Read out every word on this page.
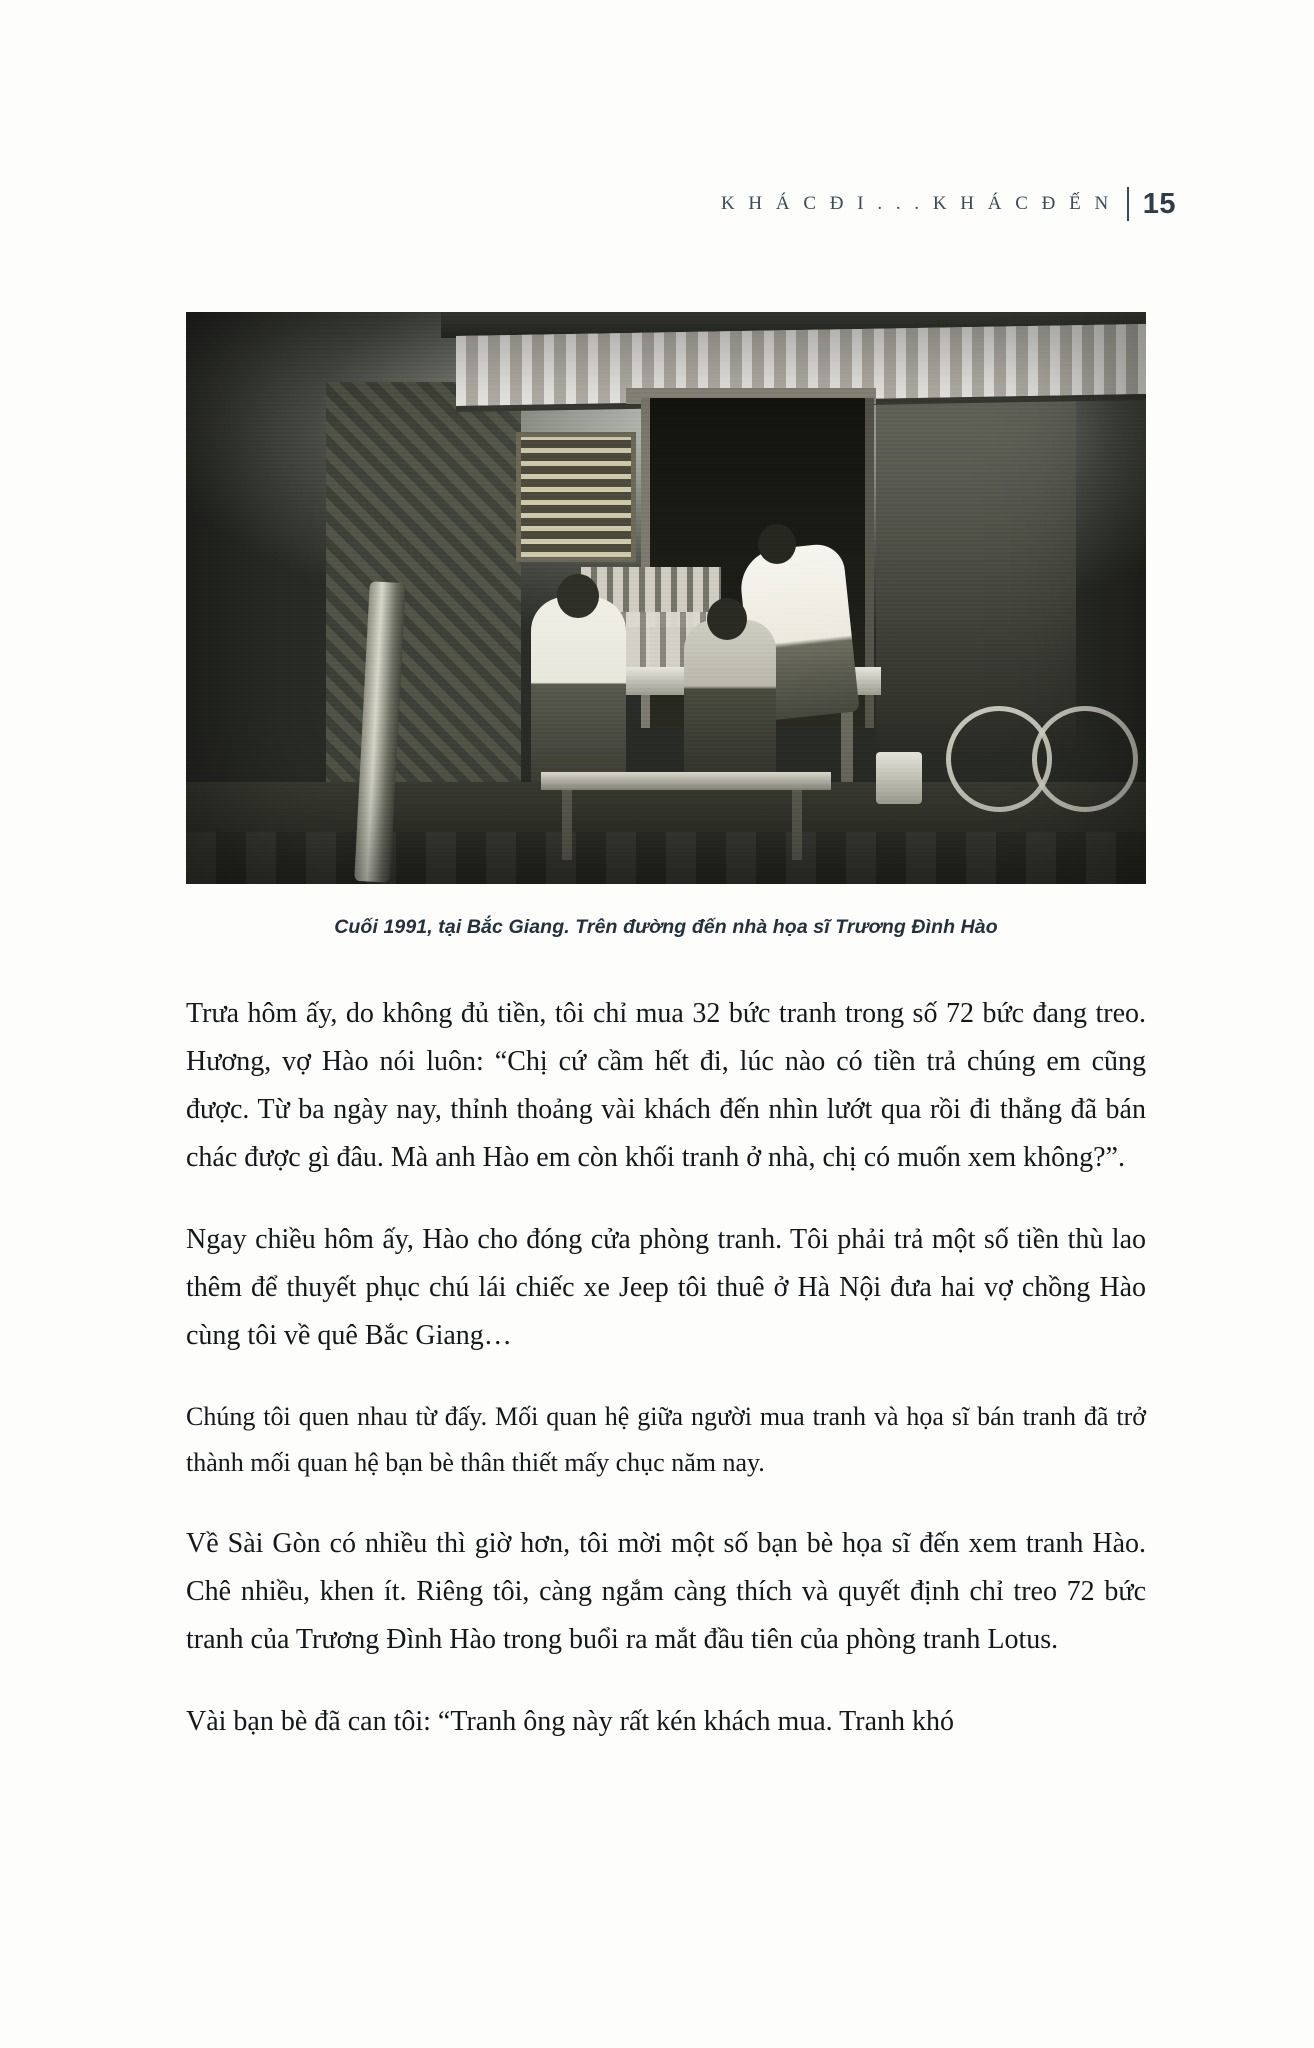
K H Á C Đ I . . . K H Á C Đ Ế N 15
Cuối 1991, tại Bắc Giang. Trên đường đến nhà họa sĩ Trương Đình Hào

Trưa hôm ấy, do không đủ tiền, tôi chỉ mua 32 bức tranh trong số 72 bức đang treo. Hương, vợ Hào nói luôn: “Chị cứ cầm hết đi, lúc nào có tiền trả chúng em cũng được. Từ ba ngày nay, thỉnh thoảng vài khách đến nhìn lướt qua rồi đi thẳng đã bán chác được gì đâu. Mà anh Hào em còn khối tranh ở nhà, chị có muốn xem không?”.

Ngay chiều hôm ấy, Hào cho đóng cửa phòng tranh. Tôi phải trả một số tiền thù lao thêm để thuyết phục chú lái chiếc xe Jeep tôi thuê ở Hà Nội đưa hai vợ chồng Hào cùng tôi về quê Bắc Giang…

Chúng tôi quen nhau từ đấy. Mối quan hệ giữa người mua tranh và họa sĩ bán tranh đã trở thành mối quan hệ bạn bè thân thiết mấy chục năm nay.

Về Sài Gòn có nhiều thì giờ hơn, tôi mời một số bạn bè họa sĩ đến xem tranh Hào. Chê nhiều, khen ít. Riêng tôi, càng ngắm càng thích và quyết định chỉ treo 72 bức tranh của Trương Đình Hào trong buổi ra mắt đầu tiên của phòng tranh Lotus.

Vài bạn bè đã can tôi: “Tranh ông này rất kén khách mua. Tranh khó
